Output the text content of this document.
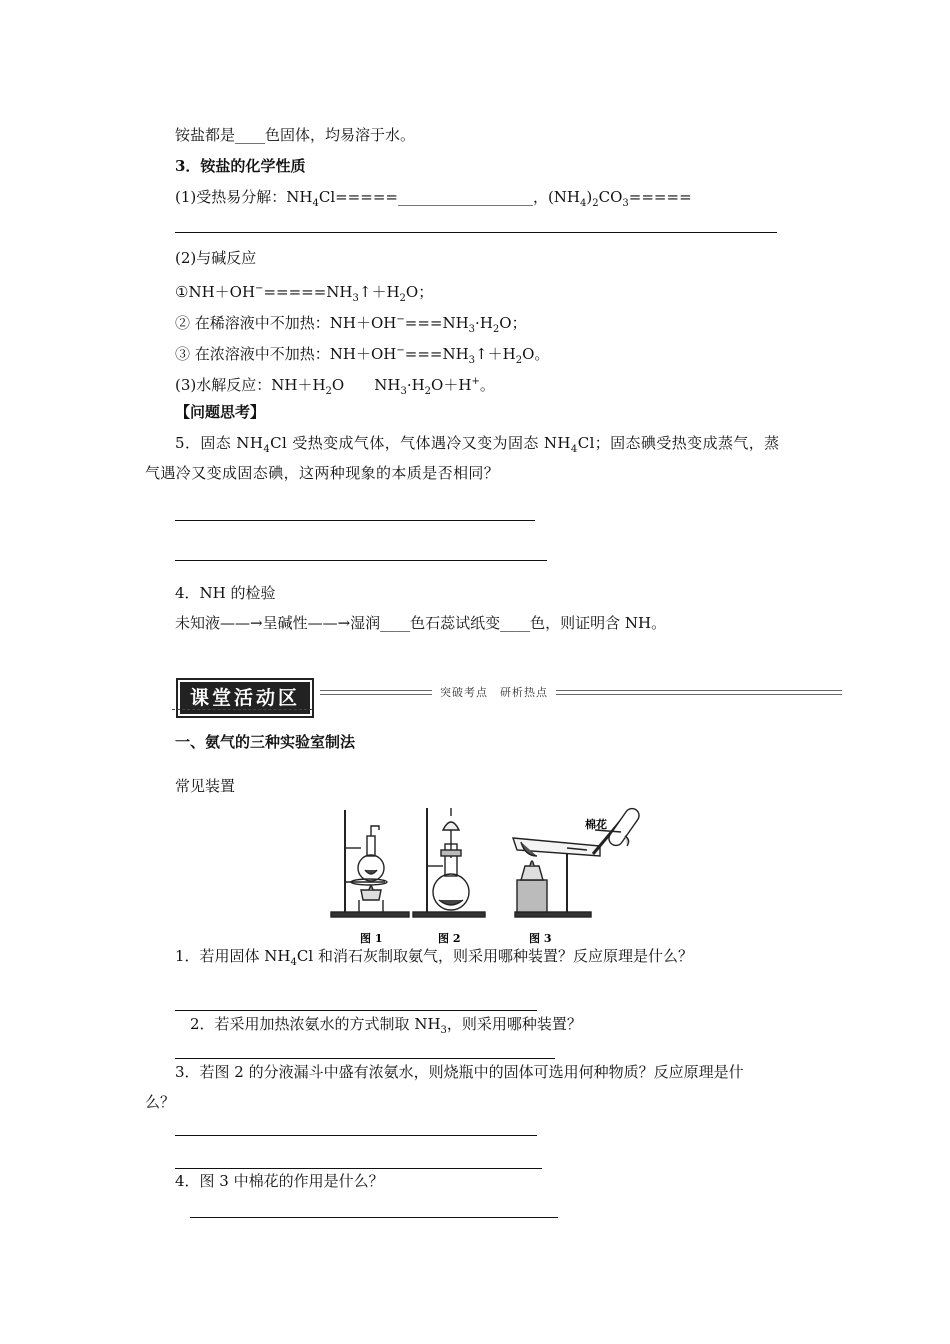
铵盐都是____色固体，均易溶于水。
3．铵盐的化学性质
(1)受热易分解：$NH_4Cl=====\_\_\_\_\_\_\_\_\_\_\_\_\_\_\_\_\_\_$，$(NH_4)_2CO_3=====$
(2)与碱反应
$①NH+OH^-=====NH_3↑+H_2O$；
② 在稀溶液中不加热：$NH+OH^-===NH_3\cdot H_2O$；
③ 在浓溶液中不加热：$NH+OH^-===NH_3↑+H_2O$。
(3)水解反应：$NH+H_2O$　　$NH_3\cdot H_2O+H^+$。
【问题思考】
5．固态 $NH_4Cl$ 受热变成气体，气体遇冷又变为固态 $NH_4Cl$；固态碘受热变成蒸气，蒸
气遇冷又变成固态碘，这两种现象的本质是否相同？
4．NH 的检验
未知液——→呈碱性——→湿润____色石蕊试纸变____色，则证明含 NH。
课堂活动区	突破考点　研析热点
一、氨气的三种实验室制法
常见装置
图 1	图 2	图 3
棉花
1．若用固体 $NH_4Cl$ 和消石灰制取氨气，则采用哪种装置？反应原理是什么？
2．若采用加热浓氨水的方式制取 $NH_3$，则采用哪种装置？
3．若图 2 的分液漏斗中盛有浓氨水，则烧瓶中的固体可选用何种物质？反应原理是什
么？
4．图 3 中棉花的作用是什么？
